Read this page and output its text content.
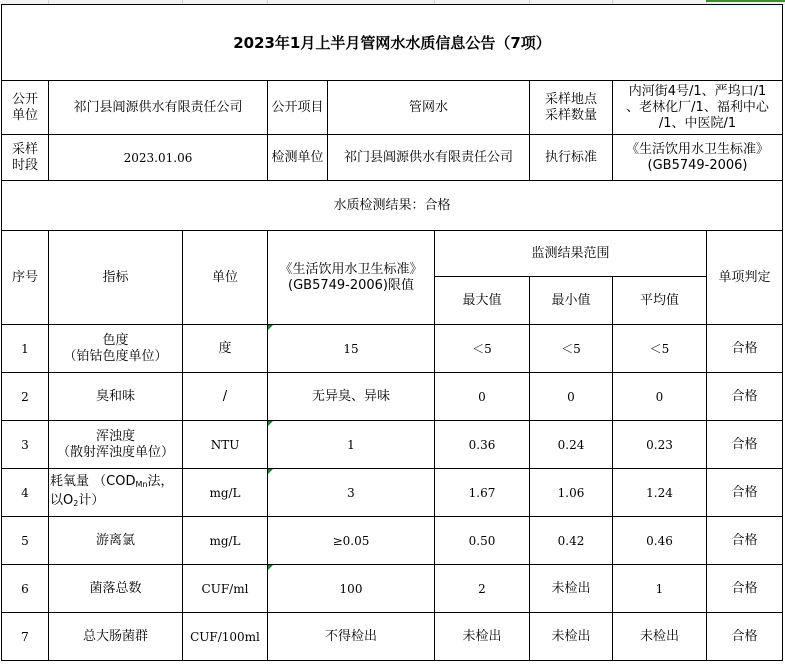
2023年1月上半月管网水水质信息公告（7项）								

公开
单位	祁门县阊源供水有限责任公司		公开项目	管网水		采样地点
采样数量	内河街4号/1、严坞口/1
、老林化厂/1、福利中心
/1、中医院/1	

采样
时段	2023.01.06		检测单位	祁门县阊源供水有限责任公司		执行标准	《生活饮用水卫生标准》
(GB5749-2006)	

水质检测结果：合格								
序号	指标	单位	《生活饮用水卫生标准》
(GB5749-2006)限值		监测结果范围			单项判定
					最大值	最小值	平均值	
1	色度
（铂钴色度单位）	度	15		＜5	＜5	＜5	合格
2	臭和味	/	无异臭、异味		0	0	0	合格
3	浑浊度
（散射浑浊度单位）	NTU	1		0.36	0.24	0.23	合格
4	耗氧量 （$COD_{Mn}$法，
以$O_2$计）	mg/L	3		1.67	1.06	1.24	合格
5	游离氯	mg/L	≥0.05		0.50	0.42	0.46	合格
6	菌落总数	CUF/ml	100		2	未检出	1	合格
7	总大肠菌群	CUF/100ml	不得检出		未检出	未检出	未检出	合格
